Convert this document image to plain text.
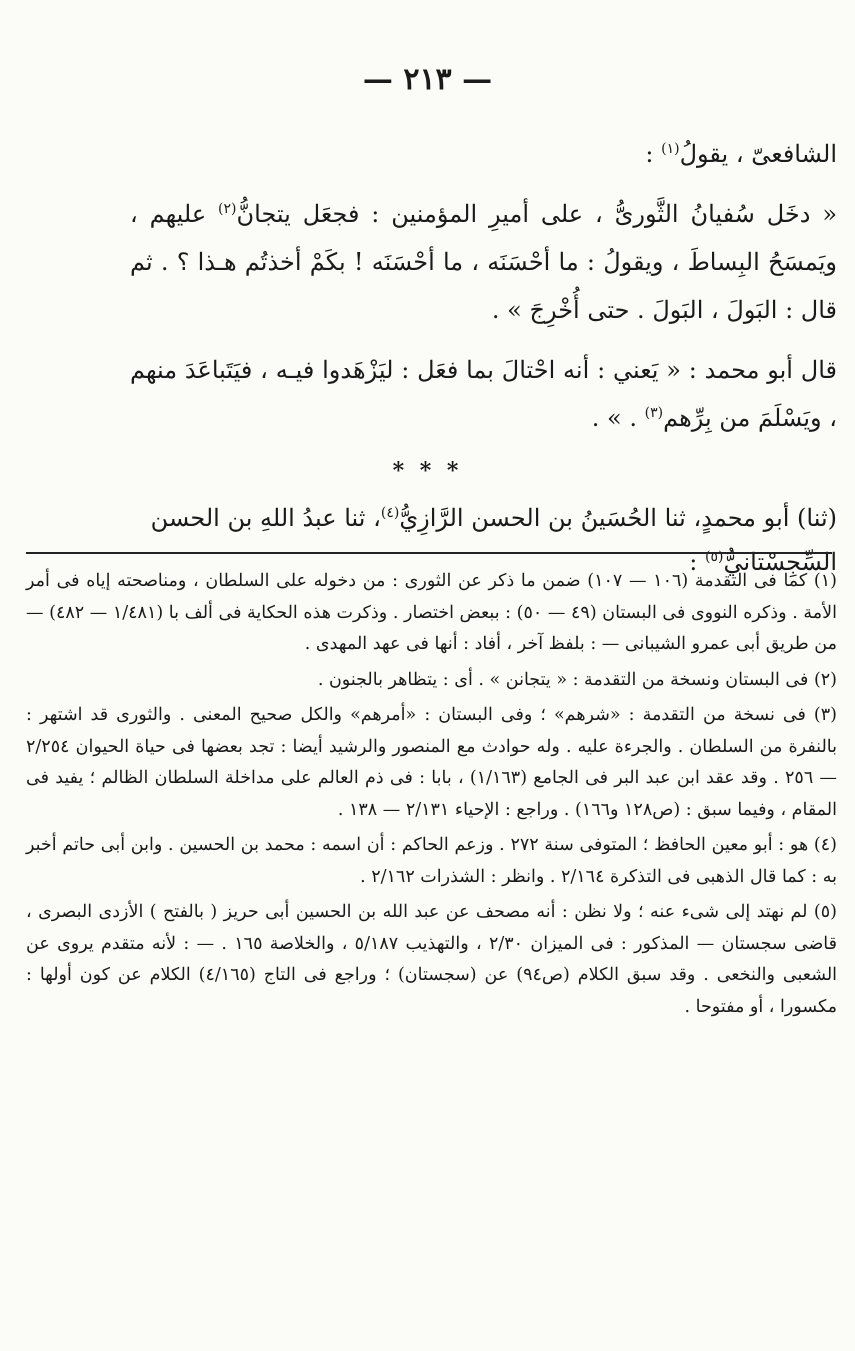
— ٢١٣ —

الشافعىّ ، يقولُ$^{(١)}$ :

« دخَل سُفيانُ الثَّورىُّ ، على أميرِ المؤمنين : فجعَل يتجانُّ$^{(٢)}$ عليهم ، ويَمسَحُ البِساطَ ، ويقولُ : ما أحْسَنَه ، ما أحْسَنَه ! بكَمْ أخذتُم هـذا ؟ . ثم قال : البَولَ ، البَولَ . حتى أُخْرِجَ » .

قال أبو محمد : « يَعني : أنه احْتالَ بما فعَل : ليَزْهَدوا فيـه ، فيَتَباعَدَ منهم ، ويَسْلَمَ من بِرِّهم$^{(٣)}$ . » .

* * *
(ثنا) أبو محمدٍ، ثنا الحُسَينُ بن الحسن الرَّازِيُّ$^{(٤)}$، ثنا عبدُ اللهِ بن الحسن السِّجِسْتانيُّ$^{(٥)}$ :

(١) كما فى التقدمة (١٠٦ — ١٠٧) ضمن ما ذكر عن الثورى : من دخوله على السلطان ، ومناصحته إياه فى أمر الأمة . وذكره النووى فى البستان (٤٩ — ٥٠) : ببعض اختصار . وذكرت هذه الحكاية فى ألف با (١/٤٨١ — ٤٨٢) — من طريق أبى عمرو الشيبانى — : بلفظ آخر ، أفاد : أنها فى عهد المهدى .

(٢) فى البستان ونسخة من التقدمة : « يتجانن » . أى : يتظاهر بالجنون .

(٣) فى نسخة من التقدمة : «شرهم» ؛ وفى البستان : «أمرهم» والكل صحيح المعنى . والثورى قد اشتهر : بالنفرة من السلطان . والجرءة عليه . وله حوادث مع المنصور والرشيد أيضا : تجد بعضها فى حياة الحيوان ٢/٢٥٤ — ٢٥٦ . وقد عقد ابن عبد البر فى الجامع (١/١٦٣) ، بابا : فى ذم العالم على مداخلة السلطان الظالم ؛ يفيد فى المقام ، وفيما سبق : (ص١٢٨ و١٦٦) . وراجع : الإحياء ٢/١٣١ — ١٣٨ .

(٤) هو : أبو معين الحافظ ؛ المتوفى سنة ٢٧٢ . وزعم الحاكم : أن اسمه : محمد بن الحسين . وابن أبى حاتم أخبر به : كما قال الذهبى فى التذكرة ٢/١٦٤ . وانظر : الشذرات ٢/١٦٢ .

(٥) لم نهتد إلى شىء عنه ؛ ولا نظن : أنه مصحف عن عبد الله بن الحسين أبى حريز ( بالفتح ) الأزدى البصرى ، قاضى سجستان — المذكور : فى الميزان ٢/٣٠ ، والتهذيب ٥/١٨٧ ، والخلاصة ١٦٥ . — : لأنه متقدم يروى عن الشعبى والنخعى . وقد سبق الكلام (ص٩٤) عن (سجستان) ؛ وراجع فى التاج (٤/١٦٥) الكلام عن كون أولها : مكسورا ، أو مفتوحا .
